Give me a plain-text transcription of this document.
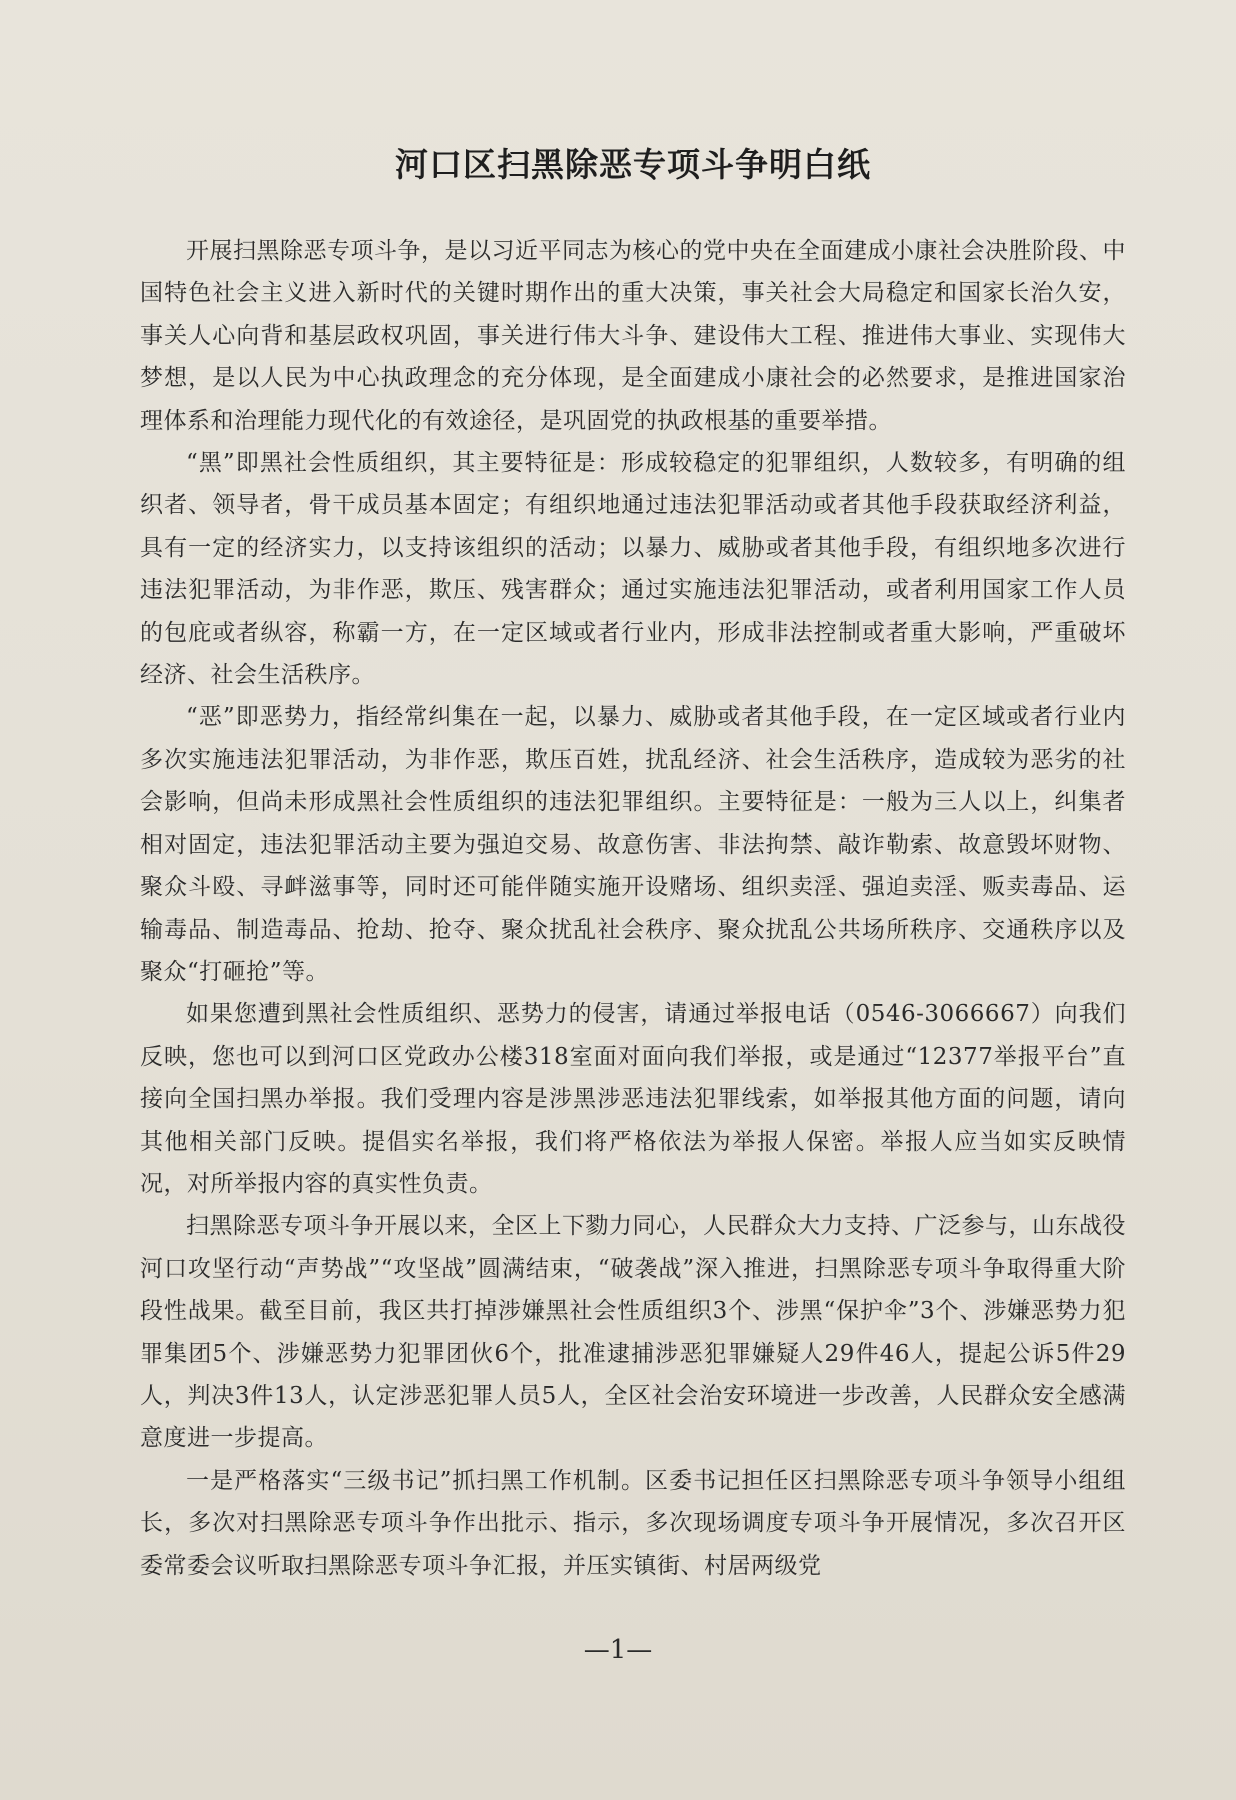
河口区扫黑除恶专项斗争明白纸

开展扫黑除恶专项斗争，是以习近平同志为核心的党中央在全面建成小康社会决胜阶段、中国特色社会主义进入新时代的关键时期作出的重大决策，事关社会大局稳定和国家长治久安，事关人心向背和基层政权巩固，事关进行伟大斗争、建设伟大工程、推进伟大事业、实现伟大梦想，是以人民为中心执政理念的充分体现，是全面建成小康社会的必然要求，是推进国家治理体系和治理能力现代化的有效途径，是巩固党的执政根基的重要举措。

“黑”即黑社会性质组织，其主要特征是：形成较稳定的犯罪组织，人数较多，有明确的组织者、领导者，骨干成员基本固定；有组织地通过违法犯罪活动或者其他手段获取经济利益，具有一定的经济实力，以支持该组织的活动；以暴力、威胁或者其他手段，有组织地多次进行违法犯罪活动，为非作恶，欺压、残害群众；通过实施违法犯罪活动，或者利用国家工作人员的包庇或者纵容，称霸一方，在一定区域或者行业内，形成非法控制或者重大影响，严重破坏经济、社会生活秩序。

“恶”即恶势力，指经常纠集在一起，以暴力、威胁或者其他手段，在一定区域或者行业内多次实施违法犯罪活动，为非作恶，欺压百姓，扰乱经济、社会生活秩序，造成较为恶劣的社会影响，但尚未形成黑社会性质组织的违法犯罪组织。主要特征是：一般为三人以上，纠集者相对固定，违法犯罪活动主要为强迫交易、故意伤害、非法拘禁、敲诈勒索、故意毁坏财物、聚众斗殴、寻衅滋事等，同时还可能伴随实施开设赌场、组织卖淫、强迫卖淫、贩卖毒品、运输毒品、制造毒品、抢劫、抢夺、聚众扰乱社会秩序、聚众扰乱公共场所秩序、交通秩序以及聚众“打砸抢”等。

如果您遭到黑社会性质组织、恶势力的侵害，请通过举报电话（0546-3066667）向我们反映，您也可以到河口区党政办公楼318室面对面向我们举报，或是通过“12377举报平台”直接向全国扫黑办举报。我们受理内容是涉黑涉恶违法犯罪线索，如举报其他方面的问题，请向其他相关部门反映。提倡实名举报，我们将严格依法为举报人保密。举报人应当如实反映情况，对所举报内容的真实性负责。

扫黑除恶专项斗争开展以来，全区上下勠力同心，人民群众大力支持、广泛参与，山东战役河口攻坚行动“声势战”“攻坚战”圆满结束，“破袭战”深入推进，扫黑除恶专项斗争取得重大阶段性战果。截至目前，我区共打掉涉嫌黑社会性质组织3个、涉黑“保护伞”3个、涉嫌恶势力犯罪集团5个、涉嫌恶势力犯罪团伙6个，批准逮捕涉恶犯罪嫌疑人29件46人，提起公诉5件29人，判决3件13人，认定涉恶犯罪人员5人，全区社会治安环境进一步改善，人民群众安全感满意度进一步提高。

一是严格落实“三级书记”抓扫黑工作机制。区委书记担任区扫黑除恶专项斗争领导小组组长，多次对扫黑除恶专项斗争作出批示、指示，多次现场调度专项斗争开展情况，多次召开区委常委会议听取扫黑除恶专项斗争汇报，并压实镇街、村居两级党

—1—
